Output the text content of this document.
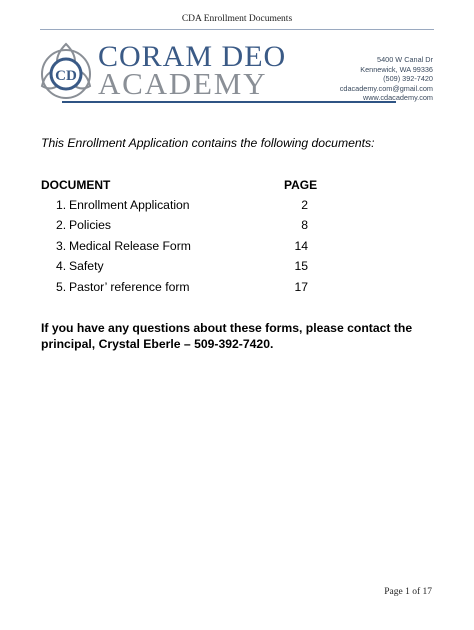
CDA Enrollment Documents
CD
CORAM DEO
ACADEMY
5400 W Canal Dr
Kennewick, WA 99336
(509) 392-7420
cdacademy.com@gmail.com
www.cdacademy.com
This Enrollment Application contains the following documents:
DOCUMENT	PAGE
1. Enrollment Application	2
2. Policies	8
3. Medical Release Form	14
4. Safety	15
5. Pastor’ reference form	17
If you have any questions about these forms, please contact the principal, Crystal Eberle – 509-392-7420.
Page 1 of 17
